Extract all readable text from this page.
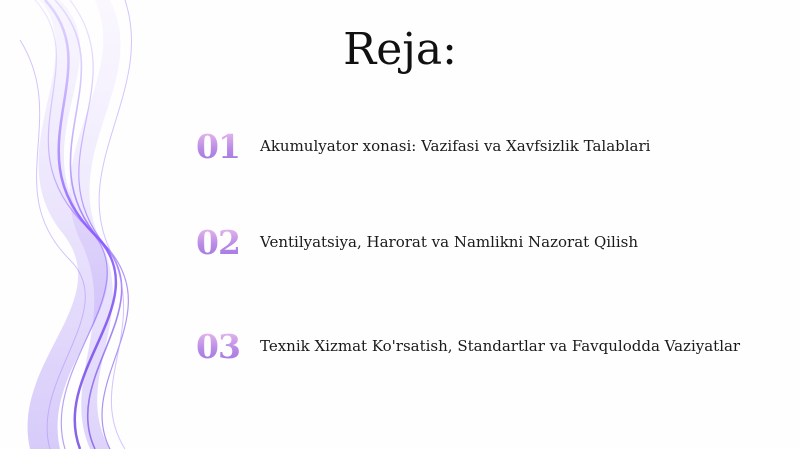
Reja:
01	Akumulyator xonasi: Vazifasi va Xavfsizlik Talablari
02	Ventilyatsiya, Harorat va Namlikni Nazorat Qilish
03	Texnik Xizmat Ko'rsatish, Standartlar va Favqulodda Vaziyatlar
